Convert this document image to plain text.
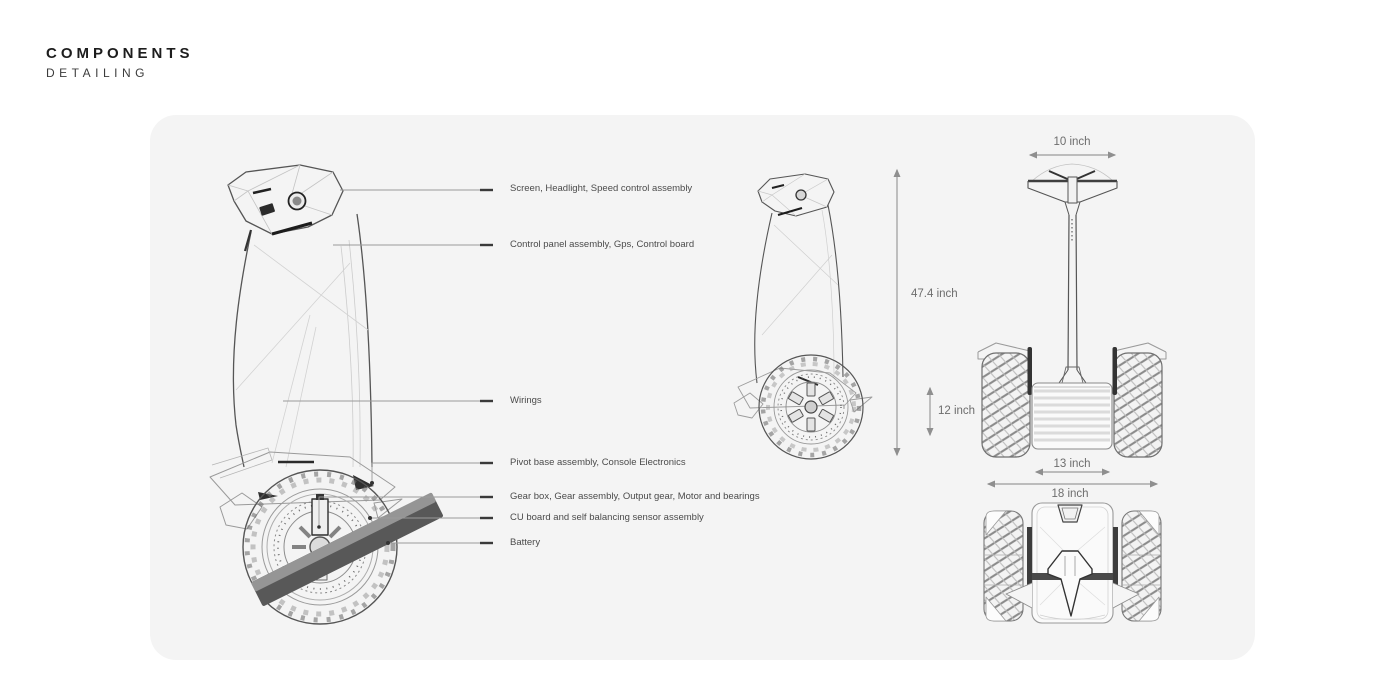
COMPONENTS
DETAILING
Screen, Headlight, Speed control assembly
Control panel assembly, Gps, Control board
Wirings
Pivot base assembly, Console Electronics
Gear box, Gear assembly, Output gear, Motor and bearings
CU board and self balancing sensor assembly
Battery
10 inch
47.4 inch
12 inch
13 inch
18 inch
